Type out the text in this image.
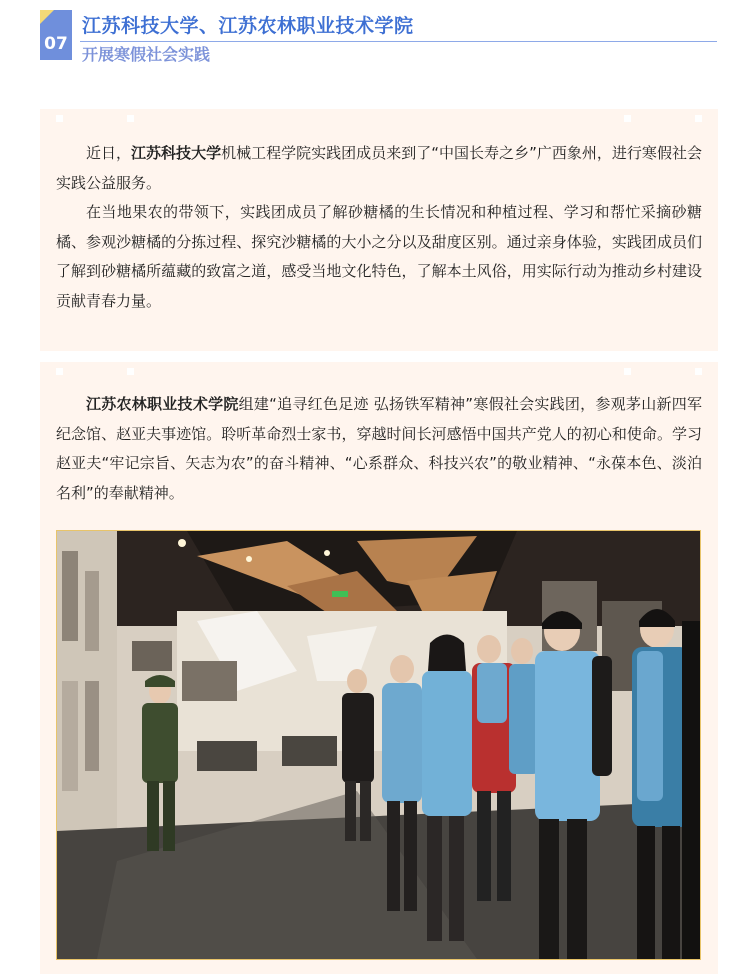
07
江苏科技大学、江苏农林职业技术学院
开展寒假社会实践

近日，江苏科技大学机械工程学院实践团成员来到了“中国长寿之乡”广西象州，进行寒假社会实践公益服务。

在当地果农的带领下，实践团成员了解砂糖橘的生长情况和种植过程、学习和帮忙采摘砂糖橘、参观沙糖橘的分拣过程、探究沙糖橘的大小之分以及甜度区别。通过亲身体验，实践团成员们了解到砂糖橘所蕴藏的致富之道，感受当地文化特色，了解本土风俗，用实际行动为推动乡村建设贡献青春力量。

江苏农林职业技术学院组建“追寻红色足迹 弘扬铁军精神”寒假社会实践团，参观茅山新四军纪念馆、赵亚夫事迹馆。聆听革命烈士家书，穿越时间长河感悟中国共产党人的初心和使命。学习赵亚夫“牢记宗旨、矢志为农”的奋斗精神、“心系群众、科技兴农”的敬业精神、“永葆本色、淡泊名利”的奉献精神。
